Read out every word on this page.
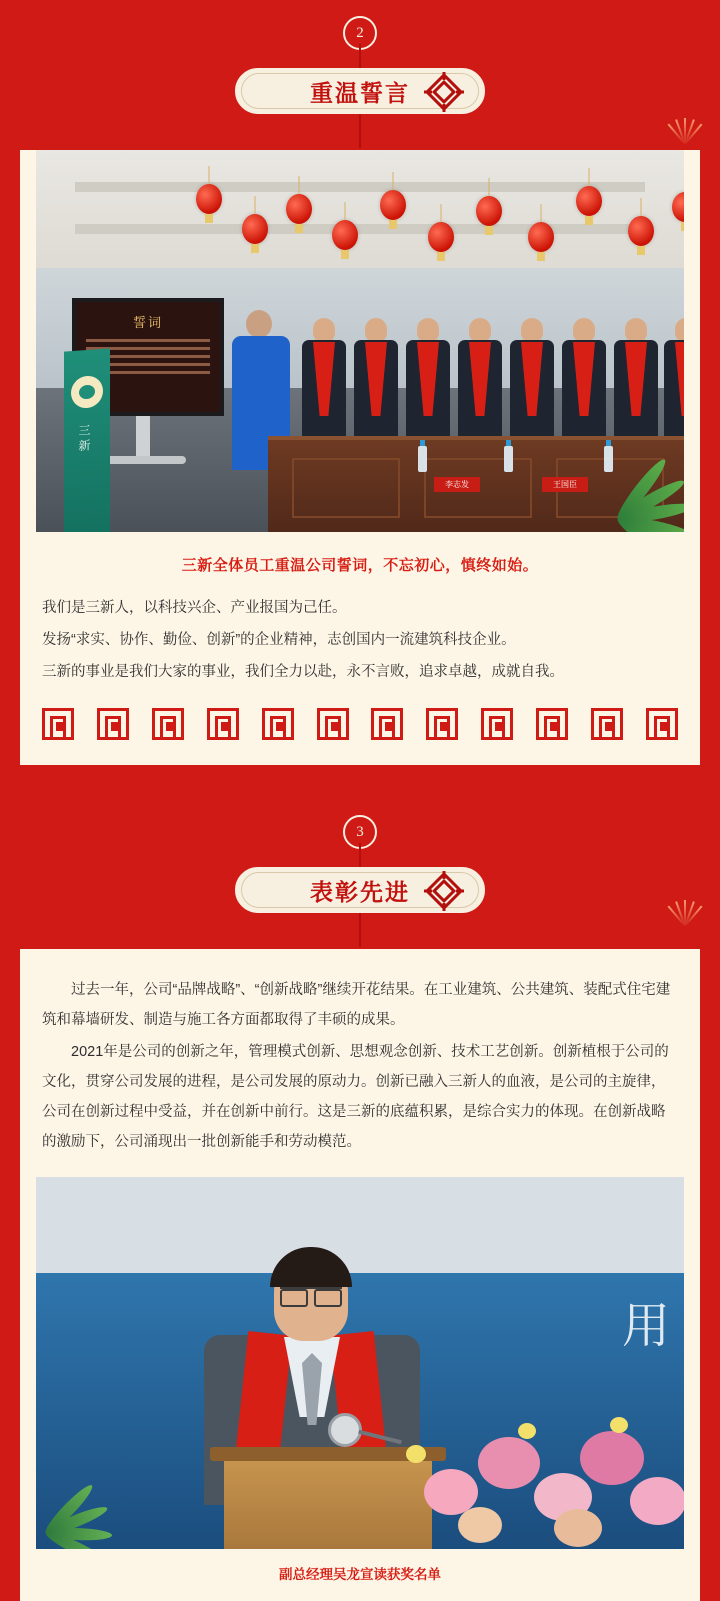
2
重温誓言
誓词
三新
李志发	王国臣
三新全体员工重温公司誓词，不忘初心，慎终如始。

我们是三新人，以科技兴企、产业报国为己任。

发扬“求实、协作、勤俭、创新”的企业精神，志创国内一流建筑科技企业。

三新的事业是我们大家的事业，我们全力以赴，永不言败，追求卓越，成就自我。

3
表彰先进

过去一年，公司“品牌战略”、“创新战略”继续开花结果。在工业建筑、公共建筑、装配式住宅建筑和幕墙研发、制造与施工各方面都取得了丰硕的成果。

2021年是公司的创新之年，管理模式创新、思想观念创新、技术工艺创新。创新植根于公司的文化，贯穿公司发展的进程，是公司发展的原动力。创新已融入三新人的血液，是公司的主旋律，公司在创新过程中受益，并在创新中前行。这是三新的底蕴积累，是综合实力的体现。在创新战略的激励下，公司涌现出一批创新能手和劳动模范。

用
副总经理吴龙宣读获奖名单
